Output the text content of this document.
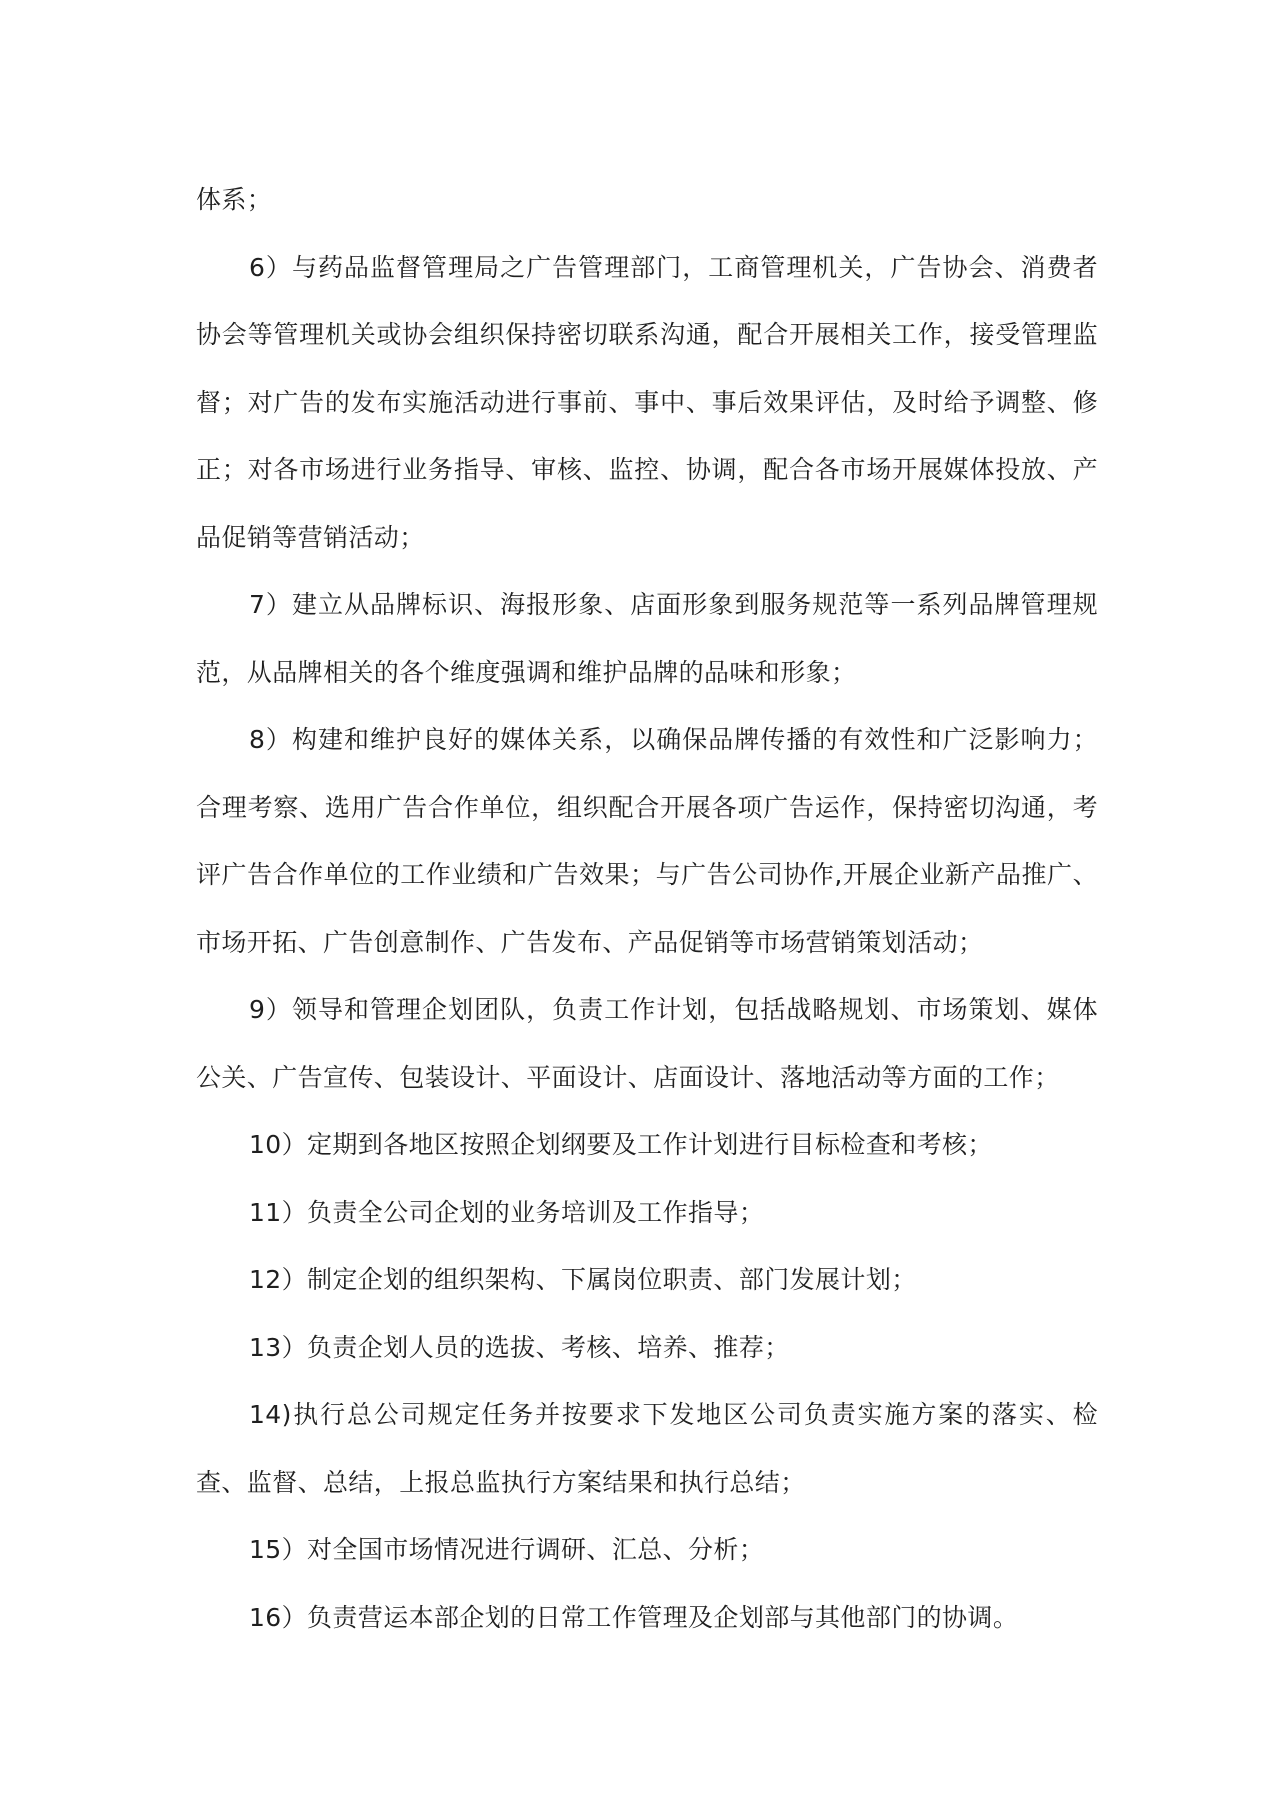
体系；

6）与药品监督管理局之广告管理部门，工商管理机关，广告协会、消费者协会等管理机关或协会组织保持密切联系沟通，配合开展相关工作，接受管理监督；对广告的发布实施活动进行事前、事中、事后效果评估，及时给予调整、修正；对各市场进行业务指导、审核、监控、协调，配合各市场开展媒体投放、产品促销等营销活动；

7）建立从品牌标识、海报形象、店面形象到服务规范等一系列品牌管理规范，从品牌相关的各个维度强调和维护品牌的品味和形象；

8）构建和维护良好的媒体关系，以确保品牌传播的有效性和广泛影响力；合理考察、选用广告合作单位，组织配合开展各项广告运作，保持密切沟通，考评广告合作单位的工作业绩和广告效果；与广告公司协作,开展企业新产品推广、市场开拓、广告创意制作、广告发布、产品促销等市场营销策划活动；

9）领导和管理企划团队，负责工作计划，包括战略规划、市场策划、媒体公关、广告宣传、包装设计、平面设计、店面设计、落地活动等方面的工作；

10）定期到各地区按照企划纲要及工作计划进行目标检查和考核；

11）负责全公司企划的业务培训及工作指导；

12）制定企划的组织架构、下属岗位职责、部门发展计划；

13）负责企划人员的选拔、考核、培养、推荐；

14)执行总公司规定任务并按要求下发地区公司负责实施方案的落实、检查、监督、总结，上报总监执行方案结果和执行总结；

15）对全国市场情况进行调研、汇总、分析；

16）负责营运本部企划的日常工作管理及企划部与其他部门的协调。
